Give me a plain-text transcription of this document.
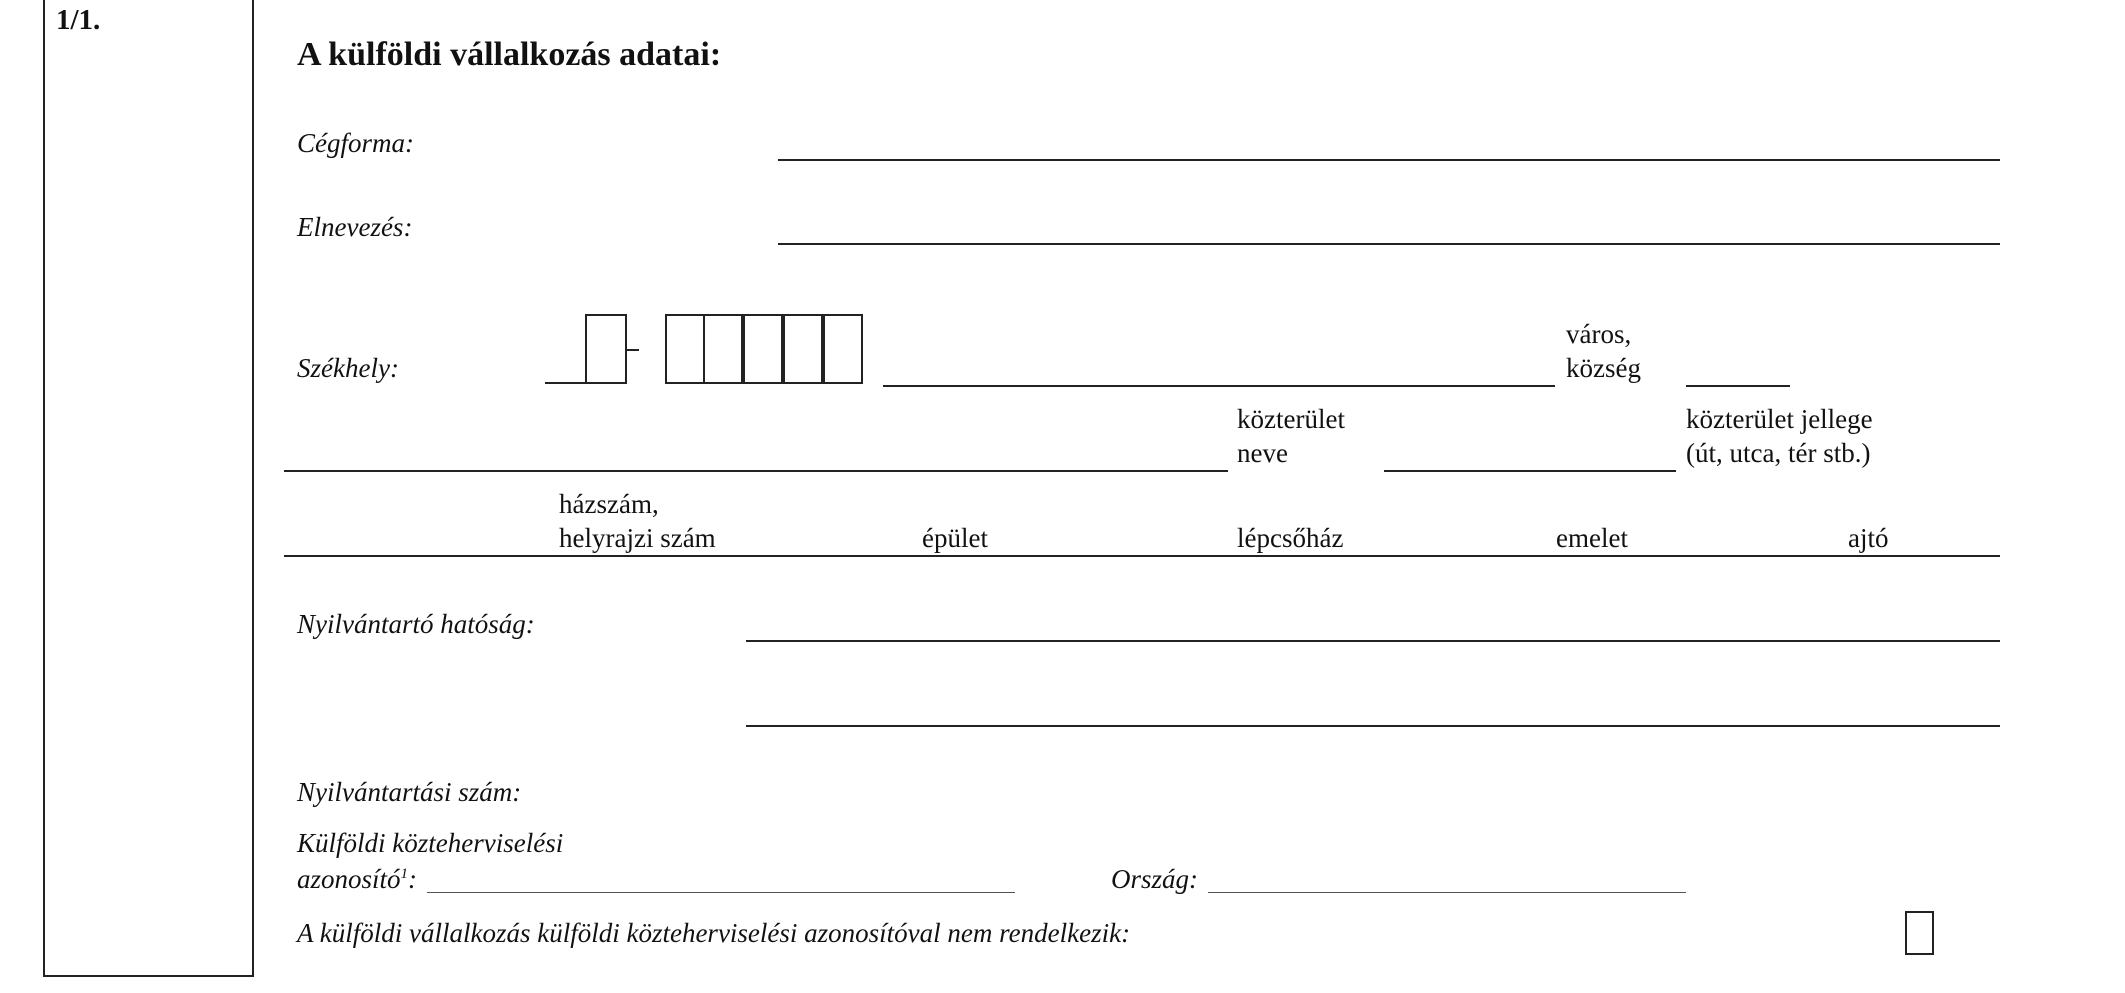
1/1.
A külföldi vállalkozás adatai:
Cégforma:
Elnevezés:
Székhely:
város,
község
közterület
neve
közterület jellege
(út, utca, tér stb.)
házszám,
helyrajzi szám	épület	lépcsőház	emelet	ajtó
Nyilvántartó hatóság:
Nyilvántartási szám:
Külföldi közteherviselési
azonosító$^1$:	Ország:
A külföldi vállalkozás külföldi közteherviselési azonosítóval nem rendelkezik:
